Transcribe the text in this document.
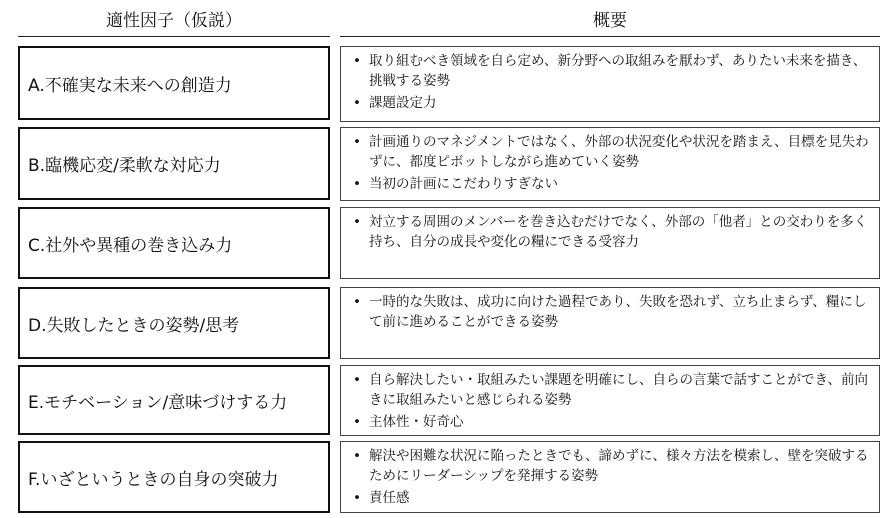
適性因子（仮説）	概要
A.不確実な未来への創造力
• 取り組むべき領域を自ら定め、新分野への取組みを厭わず、ありたい未来を描き、挑戦する姿勢
• 課題設定力
B.臨機応変/柔軟な対応力
• 計画通りのマネジメントではなく、外部の状況変化や状況を踏まえ、目標を見失わずに、都度ピボットしながら進めていく姿勢
• 当初の計画にこだわりすぎない
C.社外や異種の巻き込み力
• 対立する周囲のメンバーを巻き込むだけでなく、外部の「他者」との交わりを多く持ち、自分の成長や変化の糧にできる受容力
D.失敗したときの姿勢/思考
• 一時的な失敗は、成功に向けた過程であり、失敗を恐れず、立ち止まらず、糧にして前に進めることができる姿勢
E.モチベーション/意味づけする力
• 自ら解決したい・取組みたい課題を明確にし、自らの言葉で話すことができ、前向きに取組みたいと感じられる姿勢
• 主体性・好奇心
F.いざというときの自身の突破力
• 解決や困難な状況に陥ったときでも、諦めずに、様々方法を模索し、壁を突破するためにリーダーシップを発揮する姿勢
• 責任感
